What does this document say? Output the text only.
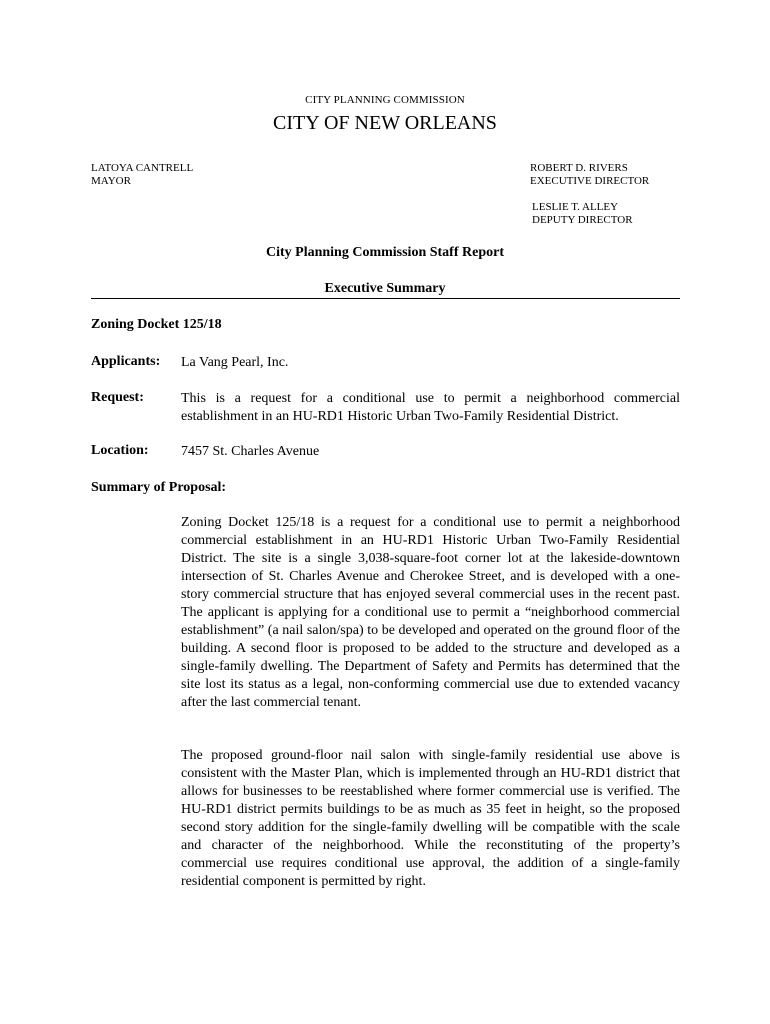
CITY PLANNING COMMISSION
CITY OF NEW ORLEANS
LATOYA CANTRELL
MAYOR
ROBERT D. RIVERS
EXECUTIVE DIRECTOR
LESLIE T. ALLEY
DEPUTY DIRECTOR
City Planning Commission Staff Report
Executive Summary
Zoning Docket 125/18
Applicants: La Vang Pearl, Inc.
Request:	This is a request for a conditional use to permit a neighborhood commercial establishment in an HU-RD1 Historic Urban Two-Family Residential District.
Location: 7457 St. Charles Avenue
Summary of Proposal:

Zoning Docket 125/18 is a request for a conditional use to permit a neighborhood commercial establishment in an HU-RD1 Historic Urban Two-Family Residential District. The site is a single 3,038-square-foot corner lot at the lakeside-downtown intersection of St. Charles Avenue and Cherokee Street, and is developed with a one-story commercial structure that has enjoyed several commercial uses in the recent past. The applicant is applying for a conditional use to permit a “neighborhood commercial establishment” (a nail salon/spa) to be developed and operated on the ground floor of the building. A second floor is proposed to be added to the structure and developed as a single-family dwelling. The Department of Safety and Permits has determined that the site lost its status as a legal, non-conforming commercial use due to extended vacancy after the last commercial tenant.

The proposed ground-floor nail salon with single-family residential use above is consistent with the Master Plan, which is implemented through an HU-RD1 district that allows for businesses to be reestablished where former commercial use is verified. The HU-RD1 district permits buildings to be as much as 35 feet in height, so the proposed second story addition for the single-family dwelling will be compatible with the scale and character of the neighborhood. While the reconstituting of the property’s commercial use requires conditional use approval, the addition of a single-family residential component is permitted by right.
